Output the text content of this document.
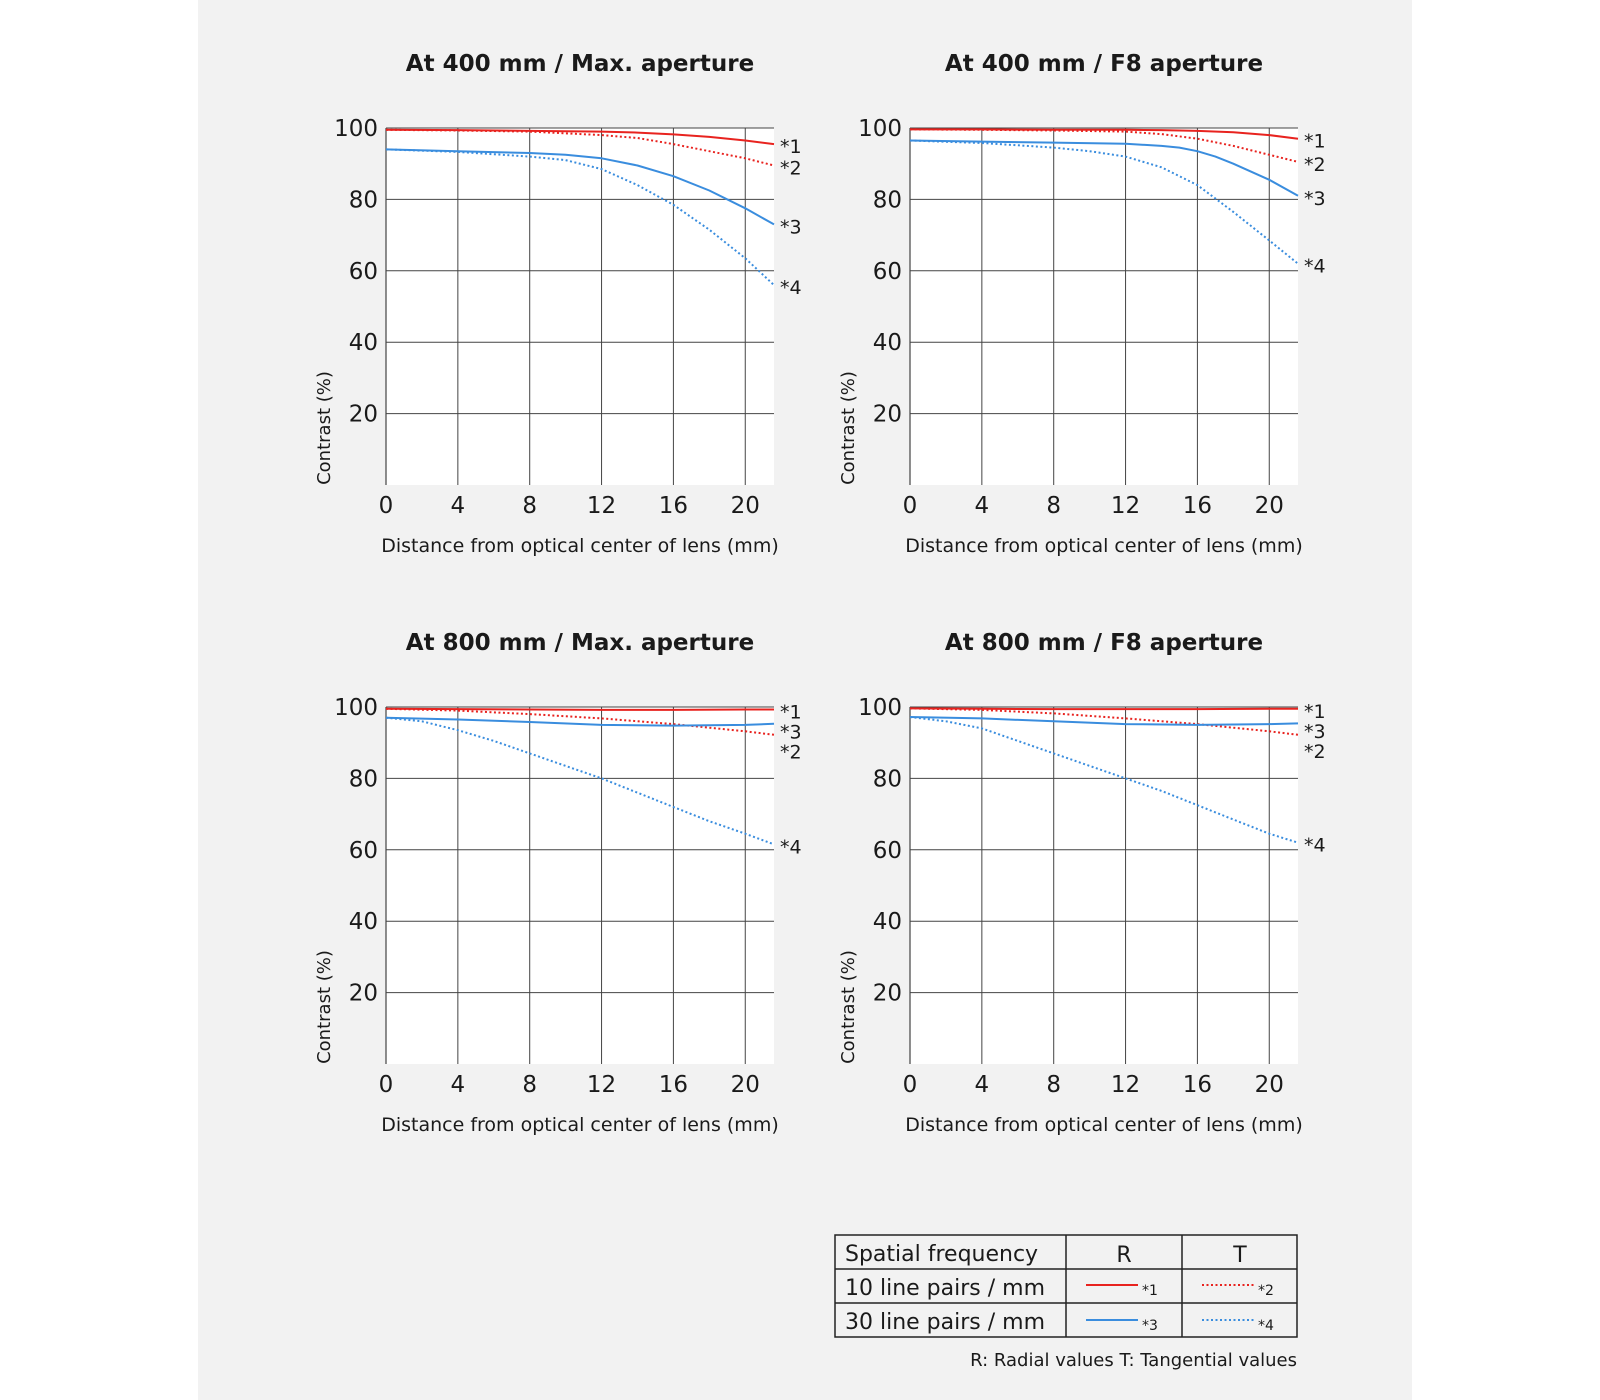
20
40
60
80
100
0 4 8 12 16 20
At 400 mm / Max. aperture
Distance from optical center of lens (mm)
Contrast (%)
*1
*2
*3
*4
20
40
60
80
100
0 4 8 12 16 20
At 400 mm / F8 aperture
Distance from optical center of lens (mm)
Contrast (%)
*1
*2
*3
*4
20
40
60
80
100
0 4 8 12 16 20
At 800 mm / Max. aperture
Distance from optical center of lens (mm)
Contrast (%)
*1
*3
*2
*4
20
40
60
80
100
0 4 8 12 16 20
At 800 mm / F8 aperture
Distance from optical center of lens (mm)
Contrast (%)
*1
*3
*2
*4
Spatial frequency	R	T
10 line pairs / mm	*1	*2
30 line pairs / mm	*3	*4
R: Radial values T: Tangential values
